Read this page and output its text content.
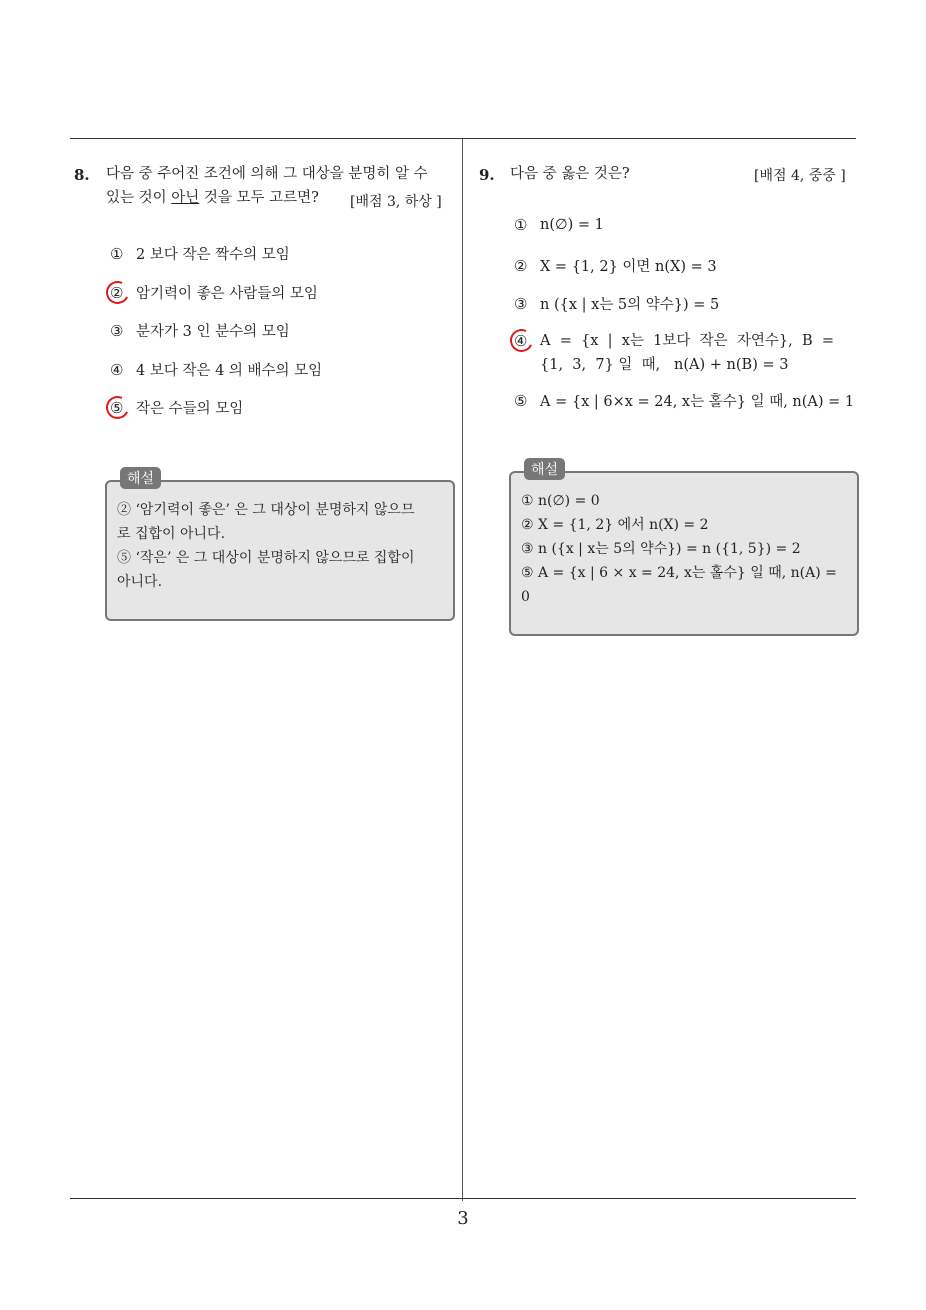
3
8. 다음 중 주어진 조건에 의해 그 대상을 분명히 알 수
있는 것이 아닌 것을 모두 고르면?	[배점 3, 하상 ]
① 2 보다 작은 짝수의 모임
② 암기력이 좋은 사람들의 모임
③ 분자가 3 인 분수의 모임
④ 4 보다 작은 4 의 배수의 모임
⑤ 작은 수들의 모임
② ‘암기력이 좋은’ 은 그 대상이 분명하지 않으므
로 집합이 아니다.
⑤ ‘작은’ 은 그 대상이 분명하지 않으므로 집합이
아니다.
해설
9. 다음 중 옳은 것은?	[배점 4, 중중 ]
① n(∅) = 1
② X = {1, 2} 이면 n(X) = 3
③ n ({x | x는 5의 약수}) = 5
④ A  =  {x  |  x는  1보다  작은  자연수},  B  =
{1,  3,  7} 일  때,   n(A) + n(B) = 3
⑤ A = {x | 6×x = 24, x는 홀수} 일 때, n(A) = 1
① n(∅) = 0
② X = {1, 2} 에서 n(X) = 2
③ n ({x | x는 5의 약수}) = n ({1, 5}) = 2
⑤ A = {x | 6 × x = 24, x는 홀수} 일 때, n(A) =
0
해설
